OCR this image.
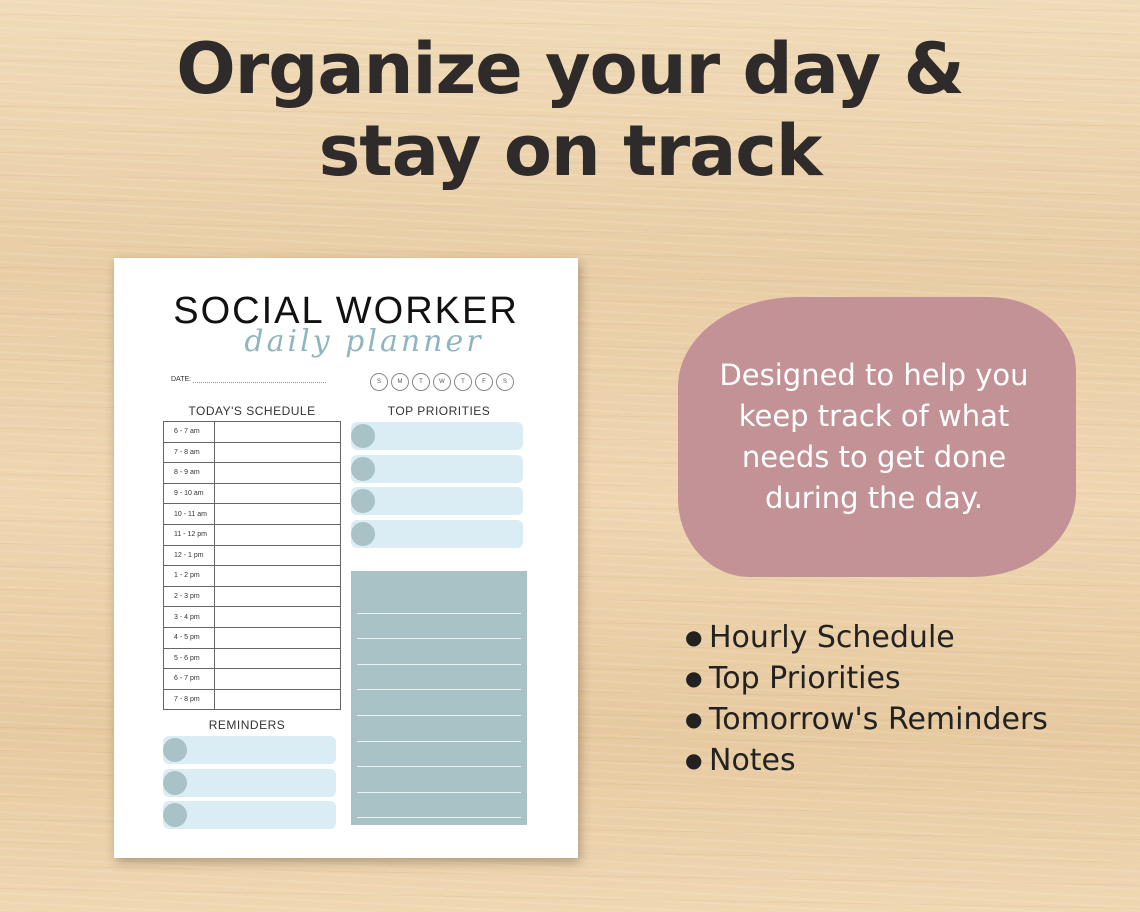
Organize your day &
stay on track
SOCIAL WORKER
daily planner
DATE:	S	M	T	W	T	F	S
TODAY'S SCHEDULE	TOP PRIORITIES
6 - 7 am
7 - 8 am
8 - 9 am
9 - 10 am
10 - 11 am
11 - 12 pm
12 - 1 pm
1 - 2 pm
2 - 3 pm
3 - 4 pm
4 - 5 pm
5 - 6 pm
6 - 7 pm
7 - 8 pm
REMINDERS
Designed to help you
keep track of what
needs to get done
during the day.
● Hourly Schedule
● Top Priorities
● Tomorrow's Reminders
● Notes
